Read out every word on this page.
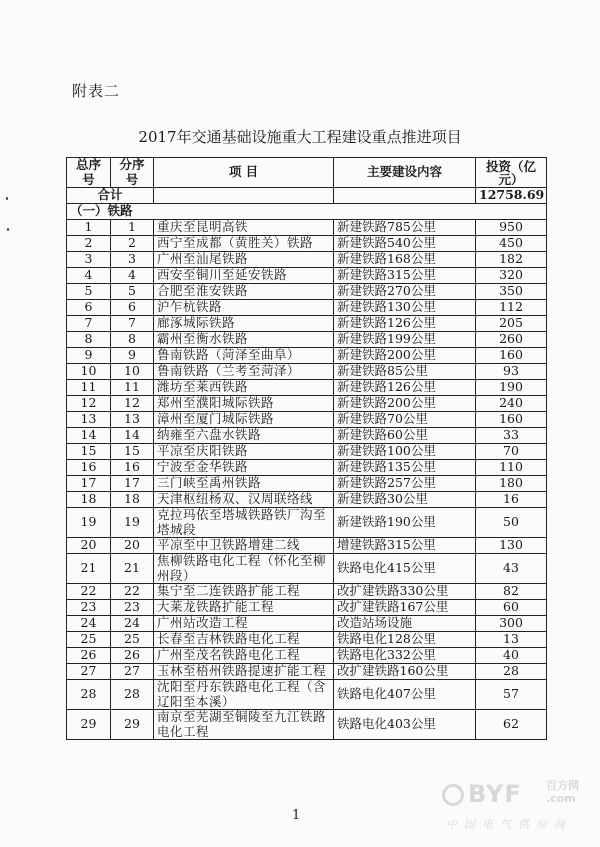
附表二
2017年交通基础设施重大工程建设重点推进项目
总序号	分序号	项 目	主要建设内容	投资（亿元）
合计				12758.69
（一）铁路				
1	1	重庆至昆明高铁	新建铁路785公里	950
2	2	西宁至成都（黄胜关）铁路	新建铁路540公里	450
3	3	广州至汕尾铁路	新建铁路168公里	182
4	4	西安至铜川至延安铁路	新建铁路315公里	320
5	5	合肥至淮安铁路	新建铁路270公里	350
6	6	沪乍杭铁路	新建铁路130公里	112
7	7	廊涿城际铁路	新建铁路126公里	205
8	8	霸州至衡水铁路	新建铁路199公里	260
9	9	鲁南铁路（菏泽至曲阜）	新建铁路200公里	160
10	10	鲁南铁路（兰考至菏泽）	新建铁路85公里	93
11	11	潍坊至莱西铁路	新建铁路126公里	190
12	12	郑州至濮阳城际铁路	新建铁路200公里	240
13	13	漳州至厦门城际铁路	新建铁路70公里	160
14	14	纳雍至六盘水铁路	新建铁路60公里	33
15	15	平凉至庆阳铁路	新建铁路100公里	70
16	16	宁波至金华铁路	新建铁路135公里	110
17	17	三门峡至禹州铁路	新建铁路257公里	180
18	18	天津枢纽杨双、汉周联络线	新建铁路30公里	16
19	19	克拉玛依至塔城铁路铁厂沟至塔城段	新建铁路190公里	50
20	20	平凉至中卫铁路增建二线	增建铁路315公里	130
21	21	焦柳铁路电化工程（怀化至柳州段）	铁路电化415公里	43
22	22	集宁至二连铁路扩能工程	改扩建铁路330公里	82
23	23	大莱龙铁路扩能工程	改扩建铁路167公里	60
24	24	广州站改造工程	改造站场设施	300
25	25	长春至吉林铁路电化工程	铁路电化128公里	13
26	26	广州至茂名铁路电化工程	铁路电化332公里	40
27	27	玉林至梧州铁路提速扩能工程	改扩建铁路160公里	28
28	28	沈阳至丹东铁路电化工程（含辽阳至本溪）	铁路电化407公里	57
29	29	南京至芜湖至铜陵至九江铁路电化工程	铁路电化403公里	62
1
BYF 百方网
.com
中国电气供应商
